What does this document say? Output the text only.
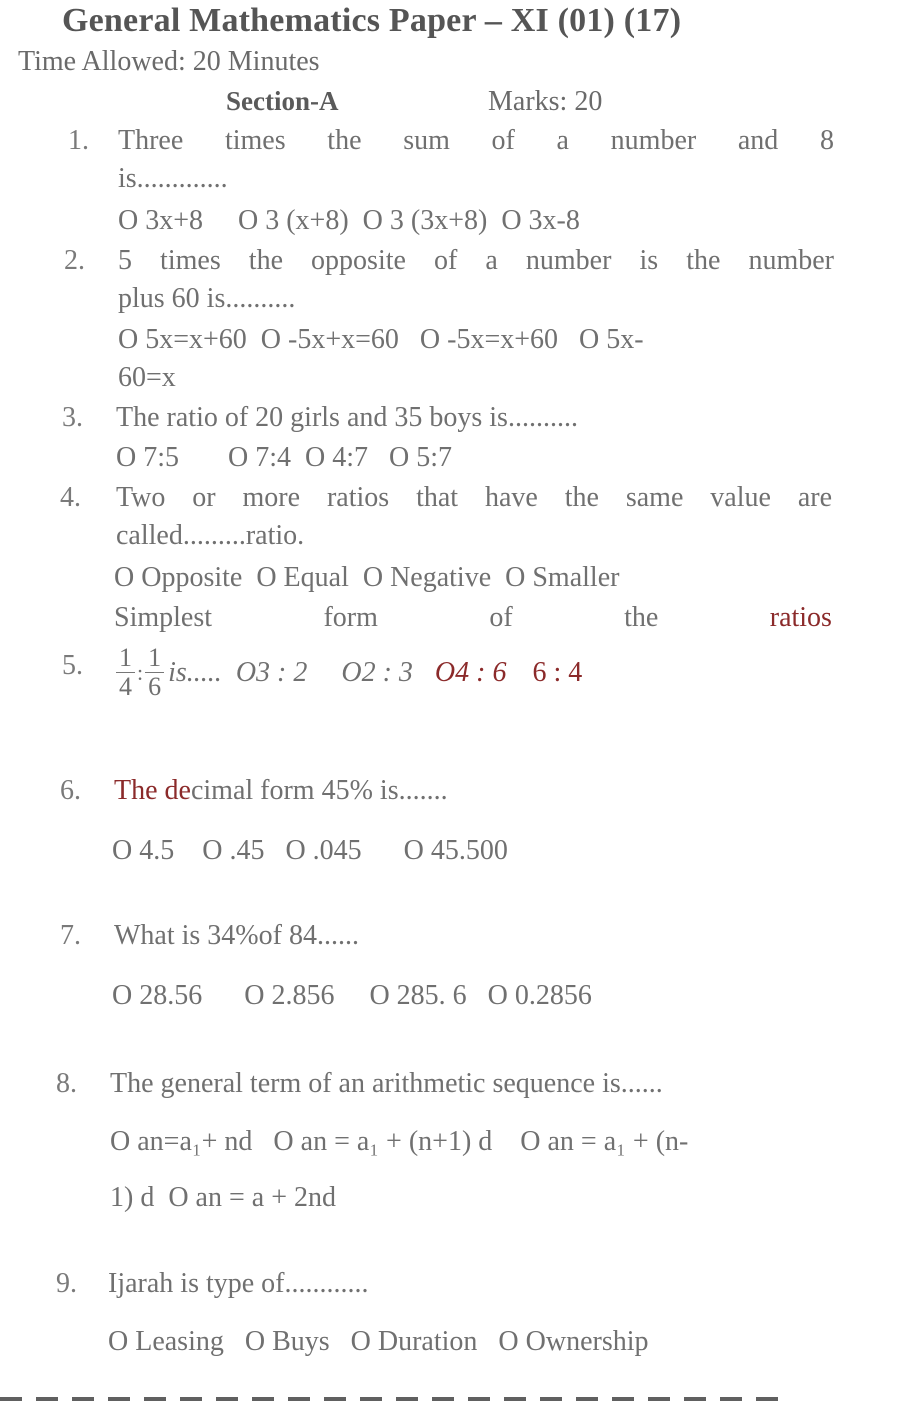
General Mathematics Paper – XI (01) (17)
Time Allowed: 20 Minutes
Section-A	Marks: 20
1. Three times the sum of a number and 8
is.............
O 3x+8     O 3 (x+8)  O 3 (3x+8)  O 3x-8
2. 5 times the opposite of a number is the number
plus 60 is..........
O 5x=x+60  O -5x+x=60   O -5x=x+60   O 5x-
60=x
3. The ratio of 20 girls and 35 boys is..........
O 7:5       O 7:4  O 4:7   O 5:7
4. Two or more ratios that have the same value are
called.........ratio.
O Opposite  O Equal  O Negative  O Smaller
Simplest	form	of	the	ratios
5. $\frac{1}{4}$ : $\frac{1}{6}$ is..... O3 : 2 O2 : 3 O4 : 6 6 : 4
6. The decimal form 45% is.......
O 4.5    O .45   O .045      O 45.500
7. What is 34%of 84......
O 28.56      O 2.856     O 285. 6   O 0.2856
8. The general term of an arithmetic sequence is......
O an=a₁+ nd   O an = a₁ + (n+1) d    O an = a₁ + (n-
1) d  O an = a + 2nd
9. Ijarah is type of............
O Leasing   O Buys   O Duration   O Ownership
